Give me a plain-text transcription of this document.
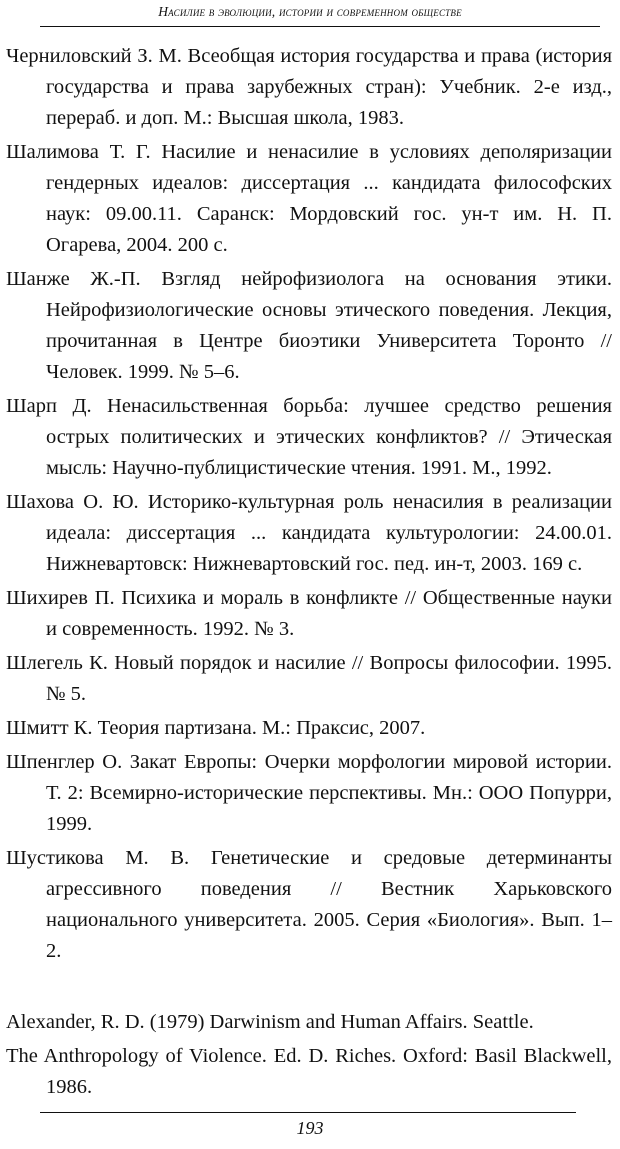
Насилие в эволюции, истории и современном обществе
Черниловский З. М. Всеобщая история государства и права (история государства и права зарубежных стран): Учебник. 2-е изд., перераб. и доп. М.: Высшая школа, 1983.
Шалимова Т. Г. Насилие и ненасилие в условиях деполяризации гендерных идеалов: диссертация ... кандидата философских наук: 09.00.11. Саранск: Мордовский гос. ун-т им. Н. П. Огарева, 2004. 200 с.
Шанже Ж.-П. Взгляд нейрофизиолога на основания этики. Нейрофизиологические основы этического поведения. Лекция, прочитанная в Центре биоэтики Университета Торонто // Человек. 1999. № 5–6.
Шарп Д. Ненасильственная борьба: лучшее средство решения острых политических и этических конфликтов? // Этическая мысль: Научно-публицистические чтения. 1991. М., 1992.
Шахова О. Ю. Историко-культурная роль ненасилия в реализации идеала: диссертация ... кандидата культурологии: 24.00.01. Нижневартовск: Нижневартовский гос. пед. ин-т, 2003. 169 с.
Шихирев П. Психика и мораль в конфликте // Общественные науки и современность. 1992. № 3.
Шлегель К. Новый порядок и насилие // Вопросы философии. 1995. № 5.
Шмитт К. Теория партизана. М.: Праксис, 2007.
Шпенглер О. Закат Европы: Очерки морфологии мировой истории. Т. 2: Всемирно-исторические перспективы. Мн.: ООО Попурри, 1999.
Шустикова М. В. Генетические и средовые детерминанты агрессивного поведения // Вестник Харьковского национального университета. 2005. Серия «Биология». Вып. 1–2.
Alexander, R. D. (1979) Darwinism and Human Affairs. Seattle.
The Anthropology of Violence. Ed. D. Riches. Oxford: Basil Blackwell, 1986.
193
